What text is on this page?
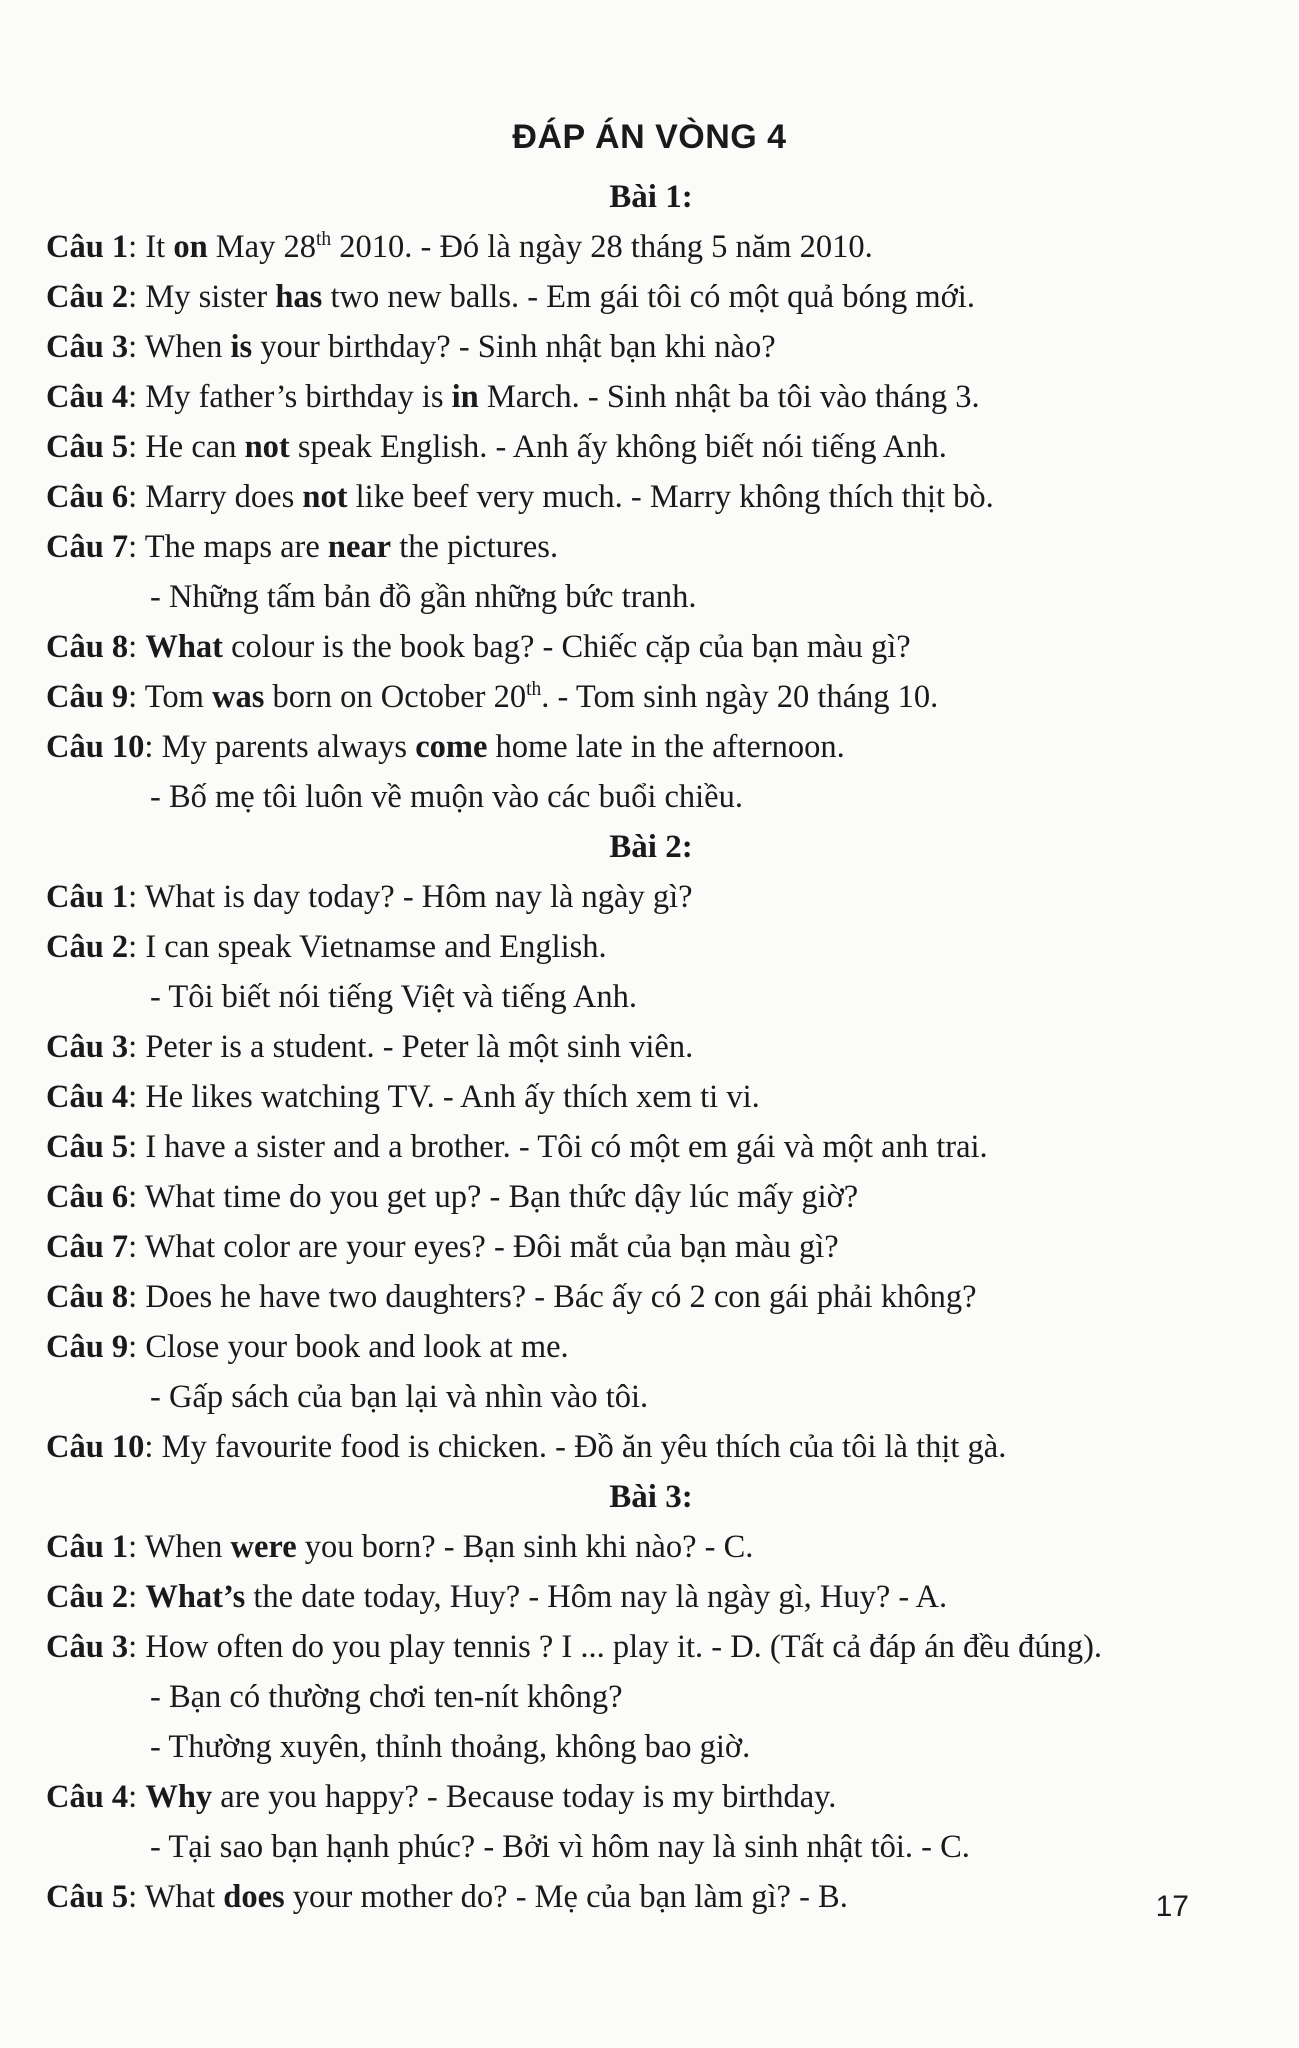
ĐÁP ÁN VÒNG 4
Bài 1:
Câu 1: It on May 28th 2010. - Đó là ngày 28 tháng 5 năm 2010.
Câu 2: My sister has two new balls. - Em gái tôi có một quả bóng mới.
Câu 3: When is your birthday? - Sinh nhật bạn khi nào?
Câu 4: My father’s birthday is in March. - Sinh nhật ba tôi vào tháng 3.
Câu 5: He can not speak English. - Anh ấy không biết nói tiếng Anh.
Câu 6: Marry does not like beef very much. - Marry không thích thịt bò.
Câu 7: The maps are near the pictures.
- Những tấm bản đồ gần những bức tranh.
Câu 8: What colour is the book bag? - Chiếc cặp của bạn màu gì?
Câu 9: Tom was born on October 20th. - Tom sinh ngày 20 tháng 10.
Câu 10: My parents always come home late in the afternoon.
- Bố mẹ tôi luôn về muộn vào các buổi chiều.
Bài 2:
Câu 1: What is day today? - Hôm nay là ngày gì?
Câu 2: I can speak Vietnamse and English.
- Tôi biết nói tiếng Việt và tiếng Anh.
Câu 3: Peter is a student. - Peter là một sinh viên.
Câu 4: He likes watching TV. - Anh ấy thích xem ti vi.
Câu 5: I have a sister and a brother. - Tôi có một em gái và một anh trai.
Câu 6: What time do you get up? - Bạn thức dậy lúc mấy giờ?
Câu 7: What color are your eyes? - Đôi mắt của bạn màu gì?
Câu 8: Does he have two daughters? - Bác ấy có 2 con gái phải không?
Câu 9: Close your book and look at me.
- Gấp sách của bạn lại và nhìn vào tôi.
Câu 10: My favourite food is chicken. - Đồ ăn yêu thích của tôi là thịt gà.
Bài 3:
Câu 1: When were you born? - Bạn sinh khi nào? - C.
Câu 2: What’s the date today, Huy? - Hôm nay là ngày gì, Huy? - A.
Câu 3: How often do you play tennis ? I ... play it. - D. (Tất cả đáp án đều đúng).
- Bạn có thường chơi ten-nít không?
- Thường xuyên, thỉnh thoảng, không bao giờ.
Câu 4: Why are you happy? - Because today is my birthday.
- Tại sao bạn hạnh phúc? - Bởi vì hôm nay là sinh nhật tôi. - C.
Câu 5: What does your mother do? - Mẹ của bạn làm gì? - B.	17
